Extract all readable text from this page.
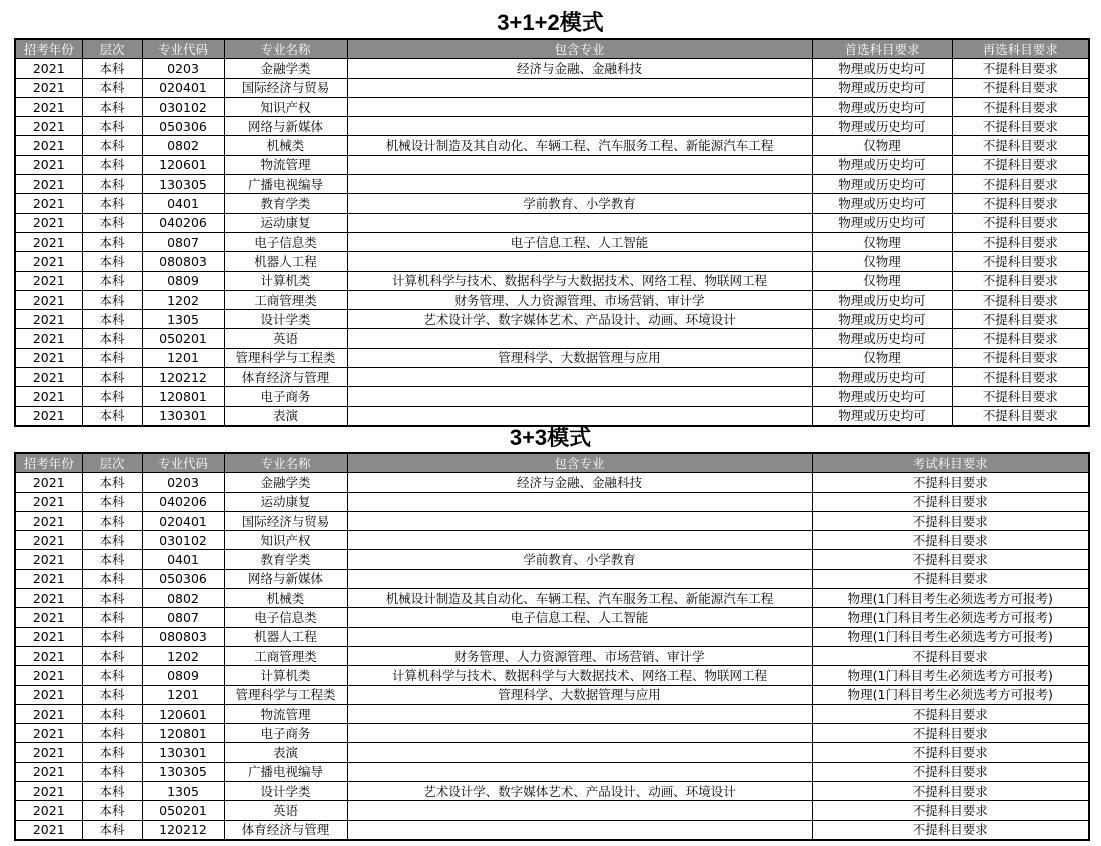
3+1+2模式
招考年份	层次	专业代码	专业名称	包含专业	首选科目要求	再选科目要求
2021	本科	0203	金融学类	经济与金融、金融科技	物理或历史均可	不提科目要求
2021	本科	020401	国际经济与贸易		物理或历史均可	不提科目要求
2021	本科	030102	知识产权		物理或历史均可	不提科目要求
2021	本科	050306	网络与新媒体		物理或历史均可	不提科目要求
2021	本科	0802	机械类	机械设计制造及其自动化、车辆工程、汽车服务工程、新能源汽车工程	仅物理	不提科目要求
2021	本科	120601	物流管理		物理或历史均可	不提科目要求
2021	本科	130305	广播电视编导		物理或历史均可	不提科目要求
2021	本科	0401	教育学类	学前教育、小学教育	物理或历史均可	不提科目要求
2021	本科	040206	运动康复		物理或历史均可	不提科目要求
2021	本科	0807	电子信息类	电子信息工程、人工智能	仅物理	不提科目要求
2021	本科	080803	机器人工程		仅物理	不提科目要求
2021	本科	0809	计算机类	计算机科学与技术、数据科学与大数据技术、网络工程、物联网工程	仅物理	不提科目要求
2021	本科	1202	工商管理类	财务管理、人力资源管理、市场营销、审计学	物理或历史均可	不提科目要求
2021	本科	1305	设计学类	艺术设计学、数字媒体艺术、产品设计、动画、环境设计	物理或历史均可	不提科目要求
2021	本科	050201	英语		物理或历史均可	不提科目要求
2021	本科	1201	管理科学与工程类	管理科学、大数据管理与应用	仅物理	不提科目要求
2021	本科	120212	体育经济与管理		物理或历史均可	不提科目要求
2021	本科	120801	电子商务		物理或历史均可	不提科目要求
2021	本科	130301	表演		物理或历史均可	不提科目要求
3+3模式
招考年份	层次	专业代码	专业名称	包含专业	考试科目要求
2021	本科	0203	金融学类	经济与金融、金融科技	不提科目要求
2021	本科	040206	运动康复		不提科目要求
2021	本科	020401	国际经济与贸易		不提科目要求
2021	本科	030102	知识产权		不提科目要求
2021	本科	0401	教育学类	学前教育、小学教育	不提科目要求
2021	本科	050306	网络与新媒体		不提科目要求
2021	本科	0802	机械类	机械设计制造及其自动化、车辆工程、汽车服务工程、新能源汽车工程	物理(1门科目考生必须选考方可报考)
2021	本科	0807	电子信息类	电子信息工程、人工智能	物理(1门科目考生必须选考方可报考)
2021	本科	080803	机器人工程		物理(1门科目考生必须选考方可报考)
2021	本科	1202	工商管理类	财务管理、人力资源管理、市场营销、审计学	不提科目要求
2021	本科	0809	计算机类	计算机科学与技术、数据科学与大数据技术、网络工程、物联网工程	物理(1门科目考生必须选考方可报考)
2021	本科	1201	管理科学与工程类	管理科学、大数据管理与应用	物理(1门科目考生必须选考方可报考)
2021	本科	120601	物流管理		不提科目要求
2021	本科	120801	电子商务		不提科目要求
2021	本科	130301	表演		不提科目要求
2021	本科	130305	广播电视编导		不提科目要求
2021	本科	1305	设计学类	艺术设计学、数字媒体艺术、产品设计、动画、环境设计	不提科目要求
2021	本科	050201	英语		不提科目要求
2021	本科	120212	体育经济与管理		不提科目要求
